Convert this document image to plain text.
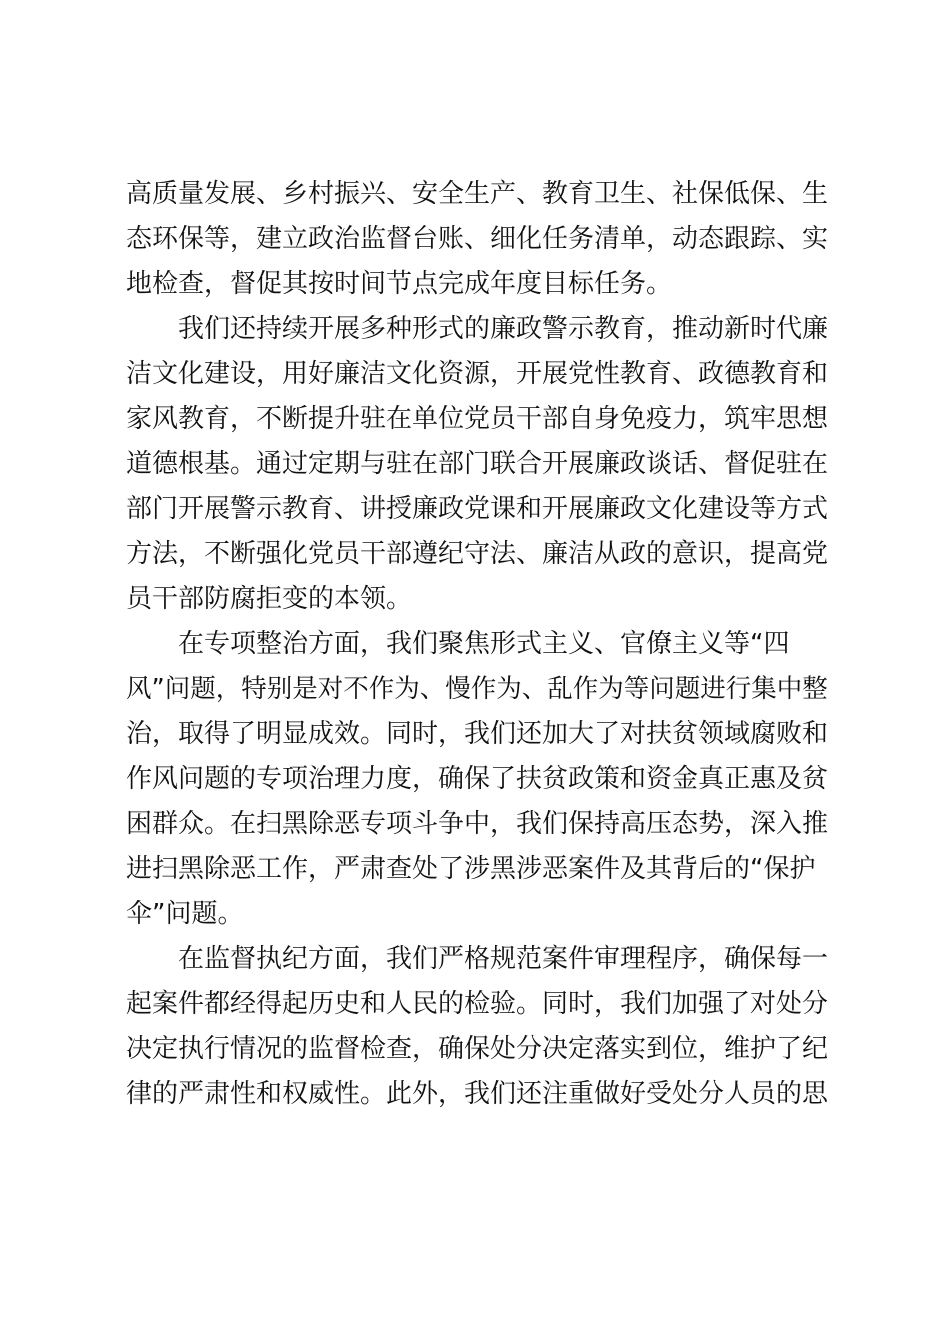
高质量发展、乡村振兴、安全生产、教育卫生、社保低保、生
态环保等，建立政治监督台账、细化任务清单，动态跟踪、实
地检查，督促其按时间节点完成年度目标任务。
我们还持续开展多种形式的廉政警示教育，推动新时代廉
洁文化建设，用好廉洁文化资源，开展党性教育、政德教育和
家风教育，不断提升驻在单位党员干部自身免疫力，筑牢思想
道德根基。通过定期与驻在部门联合开展廉政谈话、督促驻在
部门开展警示教育、讲授廉政党课和开展廉政文化建设等方式
方法，不断强化党员干部遵纪守法、廉洁从政的意识，提高党
员干部防腐拒变的本领。
在专项整治方面，我们聚焦形式主义、官僚主义等“四
风”问题，特别是对不作为、慢作为、乱作为等问题进行集中整
治，取得了明显成效。同时，我们还加大了对扶贫领域腐败和
作风问题的专项治理力度，确保了扶贫政策和资金真正惠及贫
困群众。在扫黑除恶专项斗争中，我们保持高压态势，深入推
进扫黑除恶工作，严肃查处了涉黑涉恶案件及其背后的“保护
伞”问题。
在监督执纪方面，我们严格规范案件审理程序，确保每一
起案件都经得起历史和人民的检验。同时，我们加强了对处分
决定执行情况的监督检查，确保处分决定落实到位，维护了纪
律的严肃性和权威性。此外，我们还注重做好受处分人员的思
